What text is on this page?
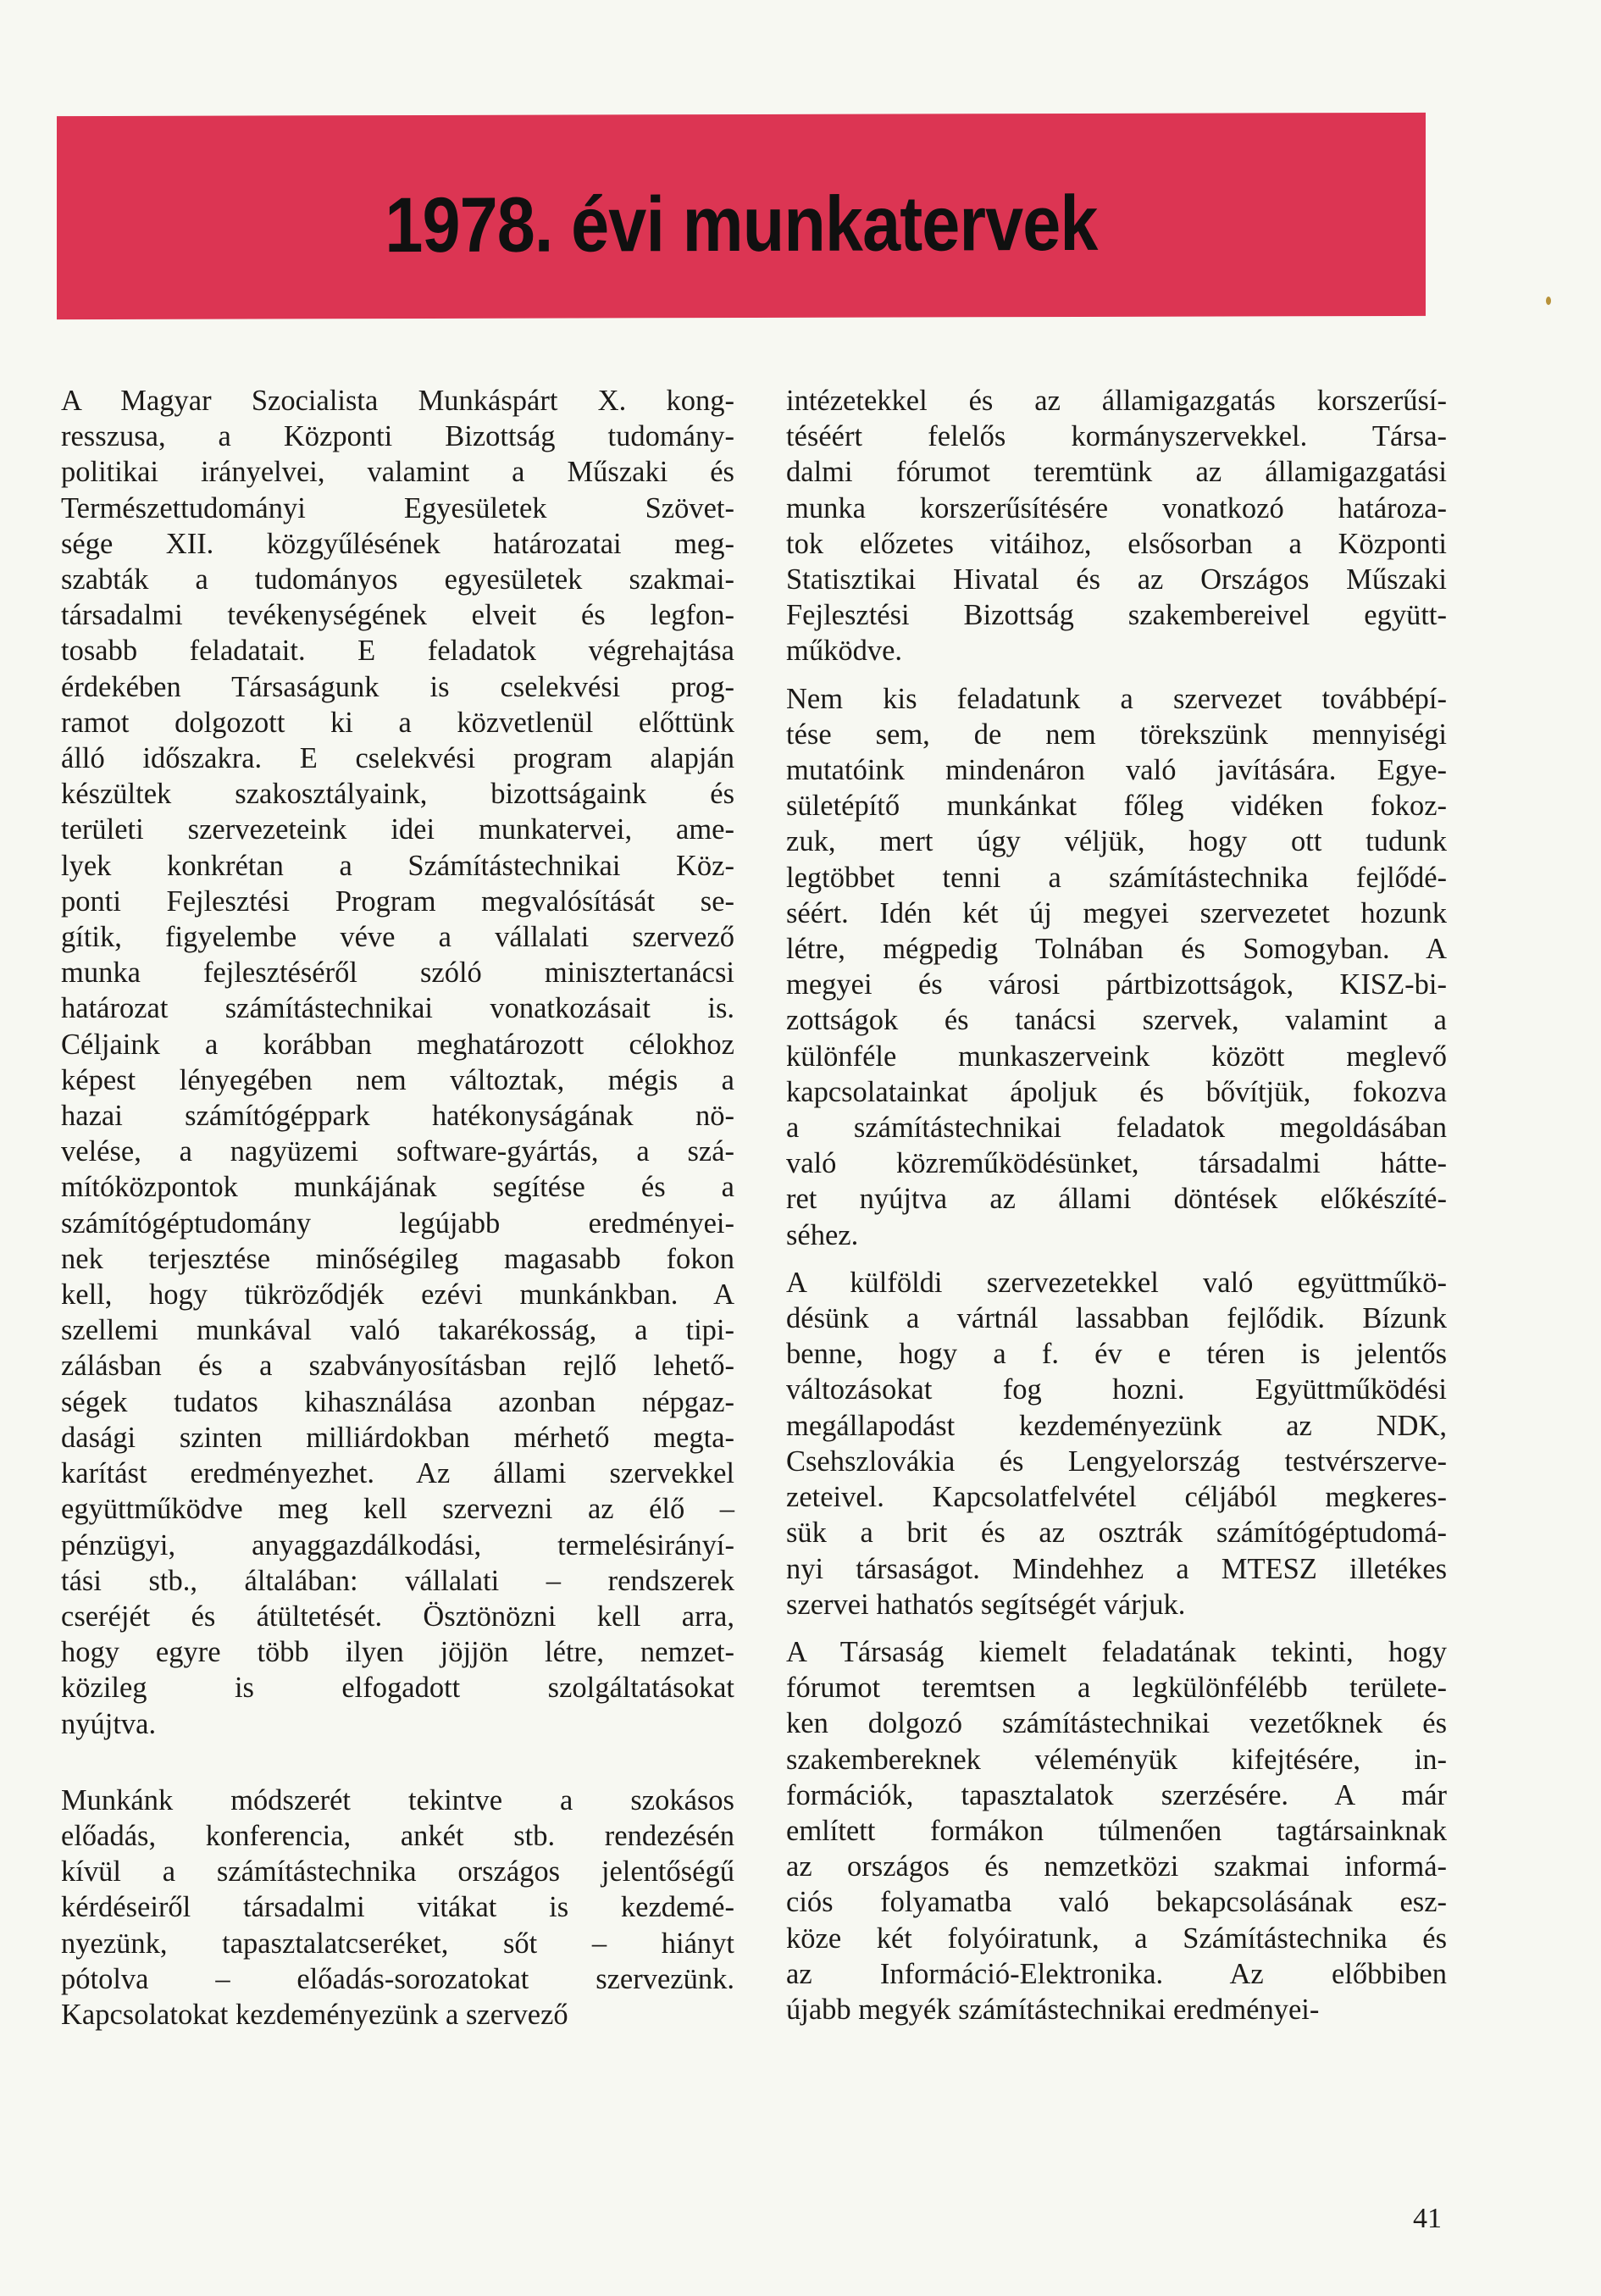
1978. évi munkatervek
A Magyar Szocialista Munkáspárt X. kong-
resszusa, a Központi Bizottság tudomány-
politikai irányelvei, valamint a Műszaki és
Természettudományi Egyesületek Szövet-
sége XII. közgyűlésének határozatai meg-
szabták a tudományos egyesületek szakmai-
társadalmi tevékenységének elveit és legfon-
tosabb feladatait. E feladatok végrehajtása
érdekében Társaságunk is cselekvési prog-
ramot dolgozott ki a közvetlenül előttünk
álló időszakra. E cselekvési program alapján
készültek szakosztályaink, bizottságaink és
területi szervezeteink idei munkatervei, ame-
lyek konkrétan a Számítástechnikai Köz-
ponti Fejlesztési Program megvalósítását se-
gítik, figyelembe véve a vállalati szervező
munka fejlesztéséről szóló minisztertanácsi
határozat számítástechnikai vonatkozásait is.
Céljaink a korábban meghatározott célokhoz
képest lényegében nem változtak, mégis a
hazai számítógéppark hatékonyságának nö-
velése, a nagyüzemi software-gyártás, a szá-
mítóközpontok munkájának segítése és a
számítógéptudomány legújabb eredményei-
nek terjesztése minőségileg magasabb fokon
kell, hogy tükröződjék ezévi munkánkban. A
szellemi munkával való takarékosság, a tipi-
zálásban és a szabványosításban rejlő lehető-
ségek tudatos kihasználása azonban népgaz-
dasági szinten milliárdokban mérhető megta-
karítást eredményezhet. Az állami szervekkel
együttműködve meg kell szervezni az élő –
pénzügyi, anyaggazdálkodási, termelésirányí-
tási stb., általában: vállalati – rendszerek
cseréjét és átültetését. Ösztönözni kell arra,
hogy egyre több ilyen jöjjön létre, nemzet-
közileg is elfogadott szolgáltatásokat
nyújtva.
Munkánk módszerét tekintve a szokásos
előadás, konferencia, ankét stb. rendezésén
kívül a számítástechnika országos jelentőségű
kérdéseiről társadalmi vitákat is kezdemé-
nyezünk, tapasztalatcseréket, sőt – hiányt
pótolva – előadás-sorozatokat szervezünk.
Kapcsolatokat kezdeményezünk a szervező
intézetekkel és az államigazgatás korszerűsí-
téséért felelős kormányszervekkel. Társa-
dalmi fórumot teremtünk az államigazgatási
munka korszerűsítésére vonatkozó határoza-
tok előzetes vitáihoz, elsősorban a Központi
Statisztikai Hivatal és az Országos Műszaki
Fejlesztési Bizottság szakembereivel együtt-
működve.
Nem kis feladatunk a szervezet továbbépí-
tése sem, de nem törekszünk mennyiségi
mutatóink mindenáron való javítására. Egye-
sületépítő munkánkat főleg vidéken fokoz-
zuk, mert úgy véljük, hogy ott tudunk
legtöbbet tenni a számítástechnika fejlődé-
séért. Idén két új megyei szervezetet hozunk
létre, mégpedig Tolnában és Somogyban. A
megyei és városi pártbizottságok, KISZ-bi-
zottságok és tanácsi szervek, valamint a
különféle munkaszerveink között meglevő
kapcsolatainkat ápoljuk és bővítjük, fokozva
a számítástechnikai feladatok megoldásában
való közreműködésünket, társadalmi hátte-
ret nyújtva az állami döntések előkészíté-
séhez.
A külföldi szervezetekkel való együttműkö-
désünk a vártnál lassabban fejlődik. Bízunk
benne, hogy a f. év e téren is jelentős
változásokat fog hozni. Együttműködési
megállapodást kezdeményezünk az NDK,
Csehszlovákia és Lengyelország testvérszerve-
zeteivel. Kapcsolatfelvétel céljából megkeres-
sük a brit és az osztrák számítógéptudomá-
nyi társaságot. Mindehhez a MTESZ illetékes
szervei hathatós segítségét várjuk.
A Társaság kiemelt feladatának tekinti, hogy
fórumot teremtsen a legkülönfélébb területe-
ken dolgozó számítástechnikai vezetőknek és
szakembereknek véleményük kifejtésére, in-
formációk, tapasztalatok szerzésére. A már
említett formákon túlmenően tagtársainknak
az országos és nemzetközi szakmai informá-
ciós folyamatba való bekapcsolásának esz-
köze két folyóiratunk, a Számítástechnika és
az Információ-Elektronika. Az előbbiben
újabb megyék számítástechnikai eredményei-
41
